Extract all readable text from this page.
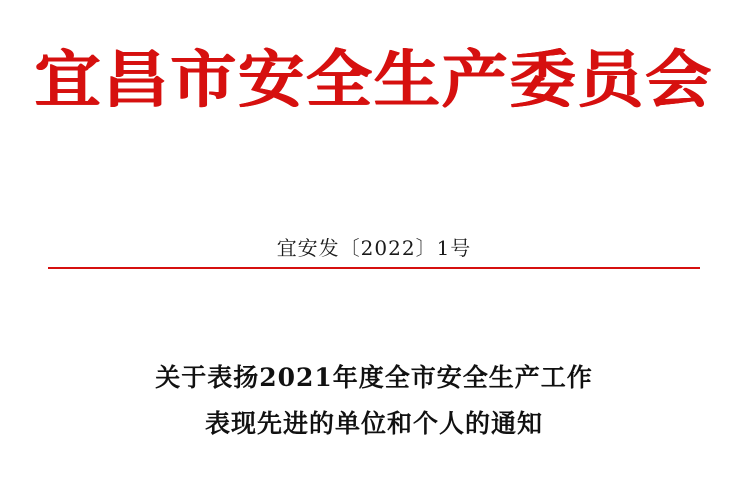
宜昌市安全生产委员会
宜安发〔2022〕1号
关于表扬2021年度全市安全生产工作
表现先进的单位和个人的通知
